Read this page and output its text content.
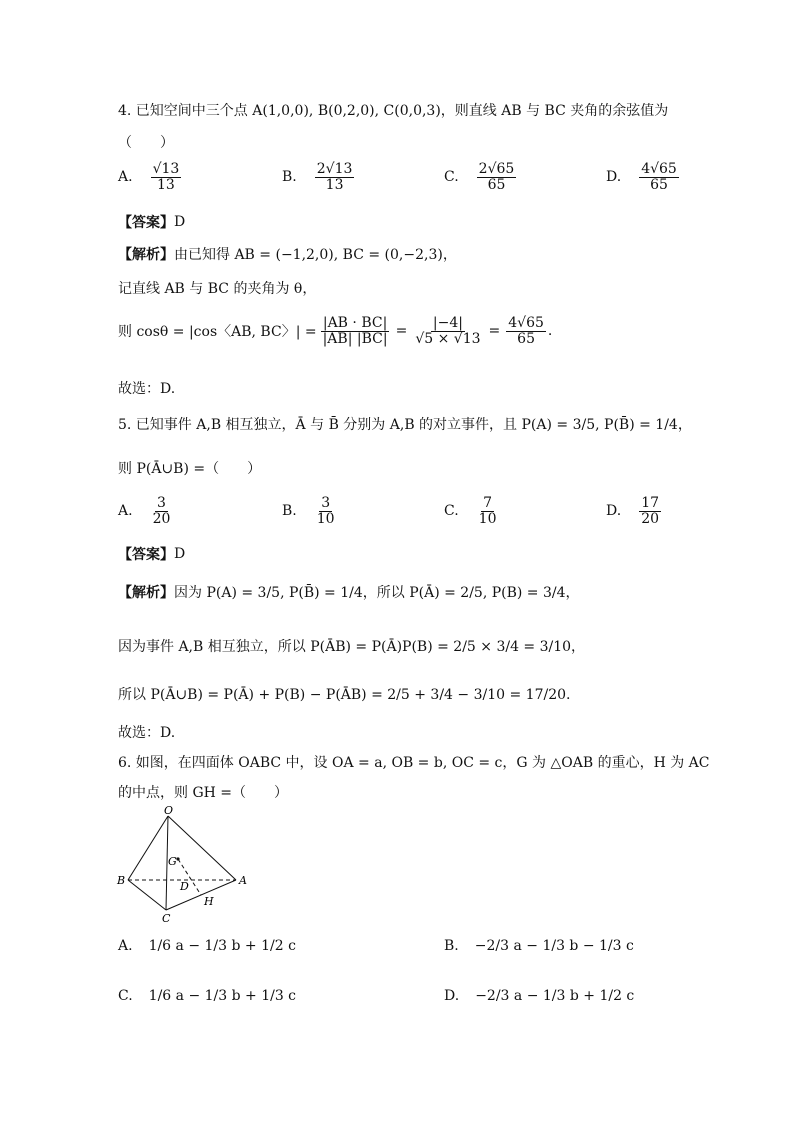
4. 已知空间中三个点 A(1,0,0), B(0,2,0), C(0,0,3)，则直线 AB 与 BC 夹角的余弦值为
（　　）
A. $\frac{√13}{13}$	B. $\frac{2√13}{13}$	C. $\frac{2√65}{65}$	D. $\frac{4√65}{65}$
【答案】 D
【解析】 由已知得 AB = (−1,2,0), BC = (0,−2,3)，
记直线 AB 与 BC 的夹角为 θ，
则 cosθ = |cos〈AB, BC〉| = $\frac{|AB \cdot BC|}{|AB| |BC|} = \frac{|-4|}{√5 \times √13} = \frac{4√65}{65}$ .
故选：D.
5. 已知事件 A,B 相互独立，Ā 与 B̄ 分别为 A,B 的对立事件，且 P(A) = 3/5, P(B̄) = 1/4，
则 P(Ā∪B) =（　　）
A. $\frac{3}{20}$	B. $\frac{3}{10}$	C. $\frac{7}{10}$	D. $\frac{17}{20}$
【答案】 D
【解析】 因为 P(A) = 3/5, P(B̄) = 1/4，所以 P(Ā) = 2/5, P(B) = 3/4，
因为事件 A,B 相互独立，所以 P(ĀB) = P(Ā)P(B) = 2/5 × 3/4 = 3/10，
所以 P(Ā∪B) = P(Ā) + P(B) − P(ĀB) = 2/5 + 3/4 − 3/10 = 17/20.
故选：D.
6. 如图，在四面体 OABC 中，设 OA = a, OB = b, OC = c，G 为 △OAB 的重心，H 为 AC
的中点，则 GH =（　　）
O
B	A
C
G
D
H
A. 1/6 a − 1/3 b + 1/2 c	B. −2/3 a − 1/3 b − 1/3 c
C. 1/6 a − 1/3 b + 1/3 c	D. −2/3 a − 1/3 b + 1/2 c
